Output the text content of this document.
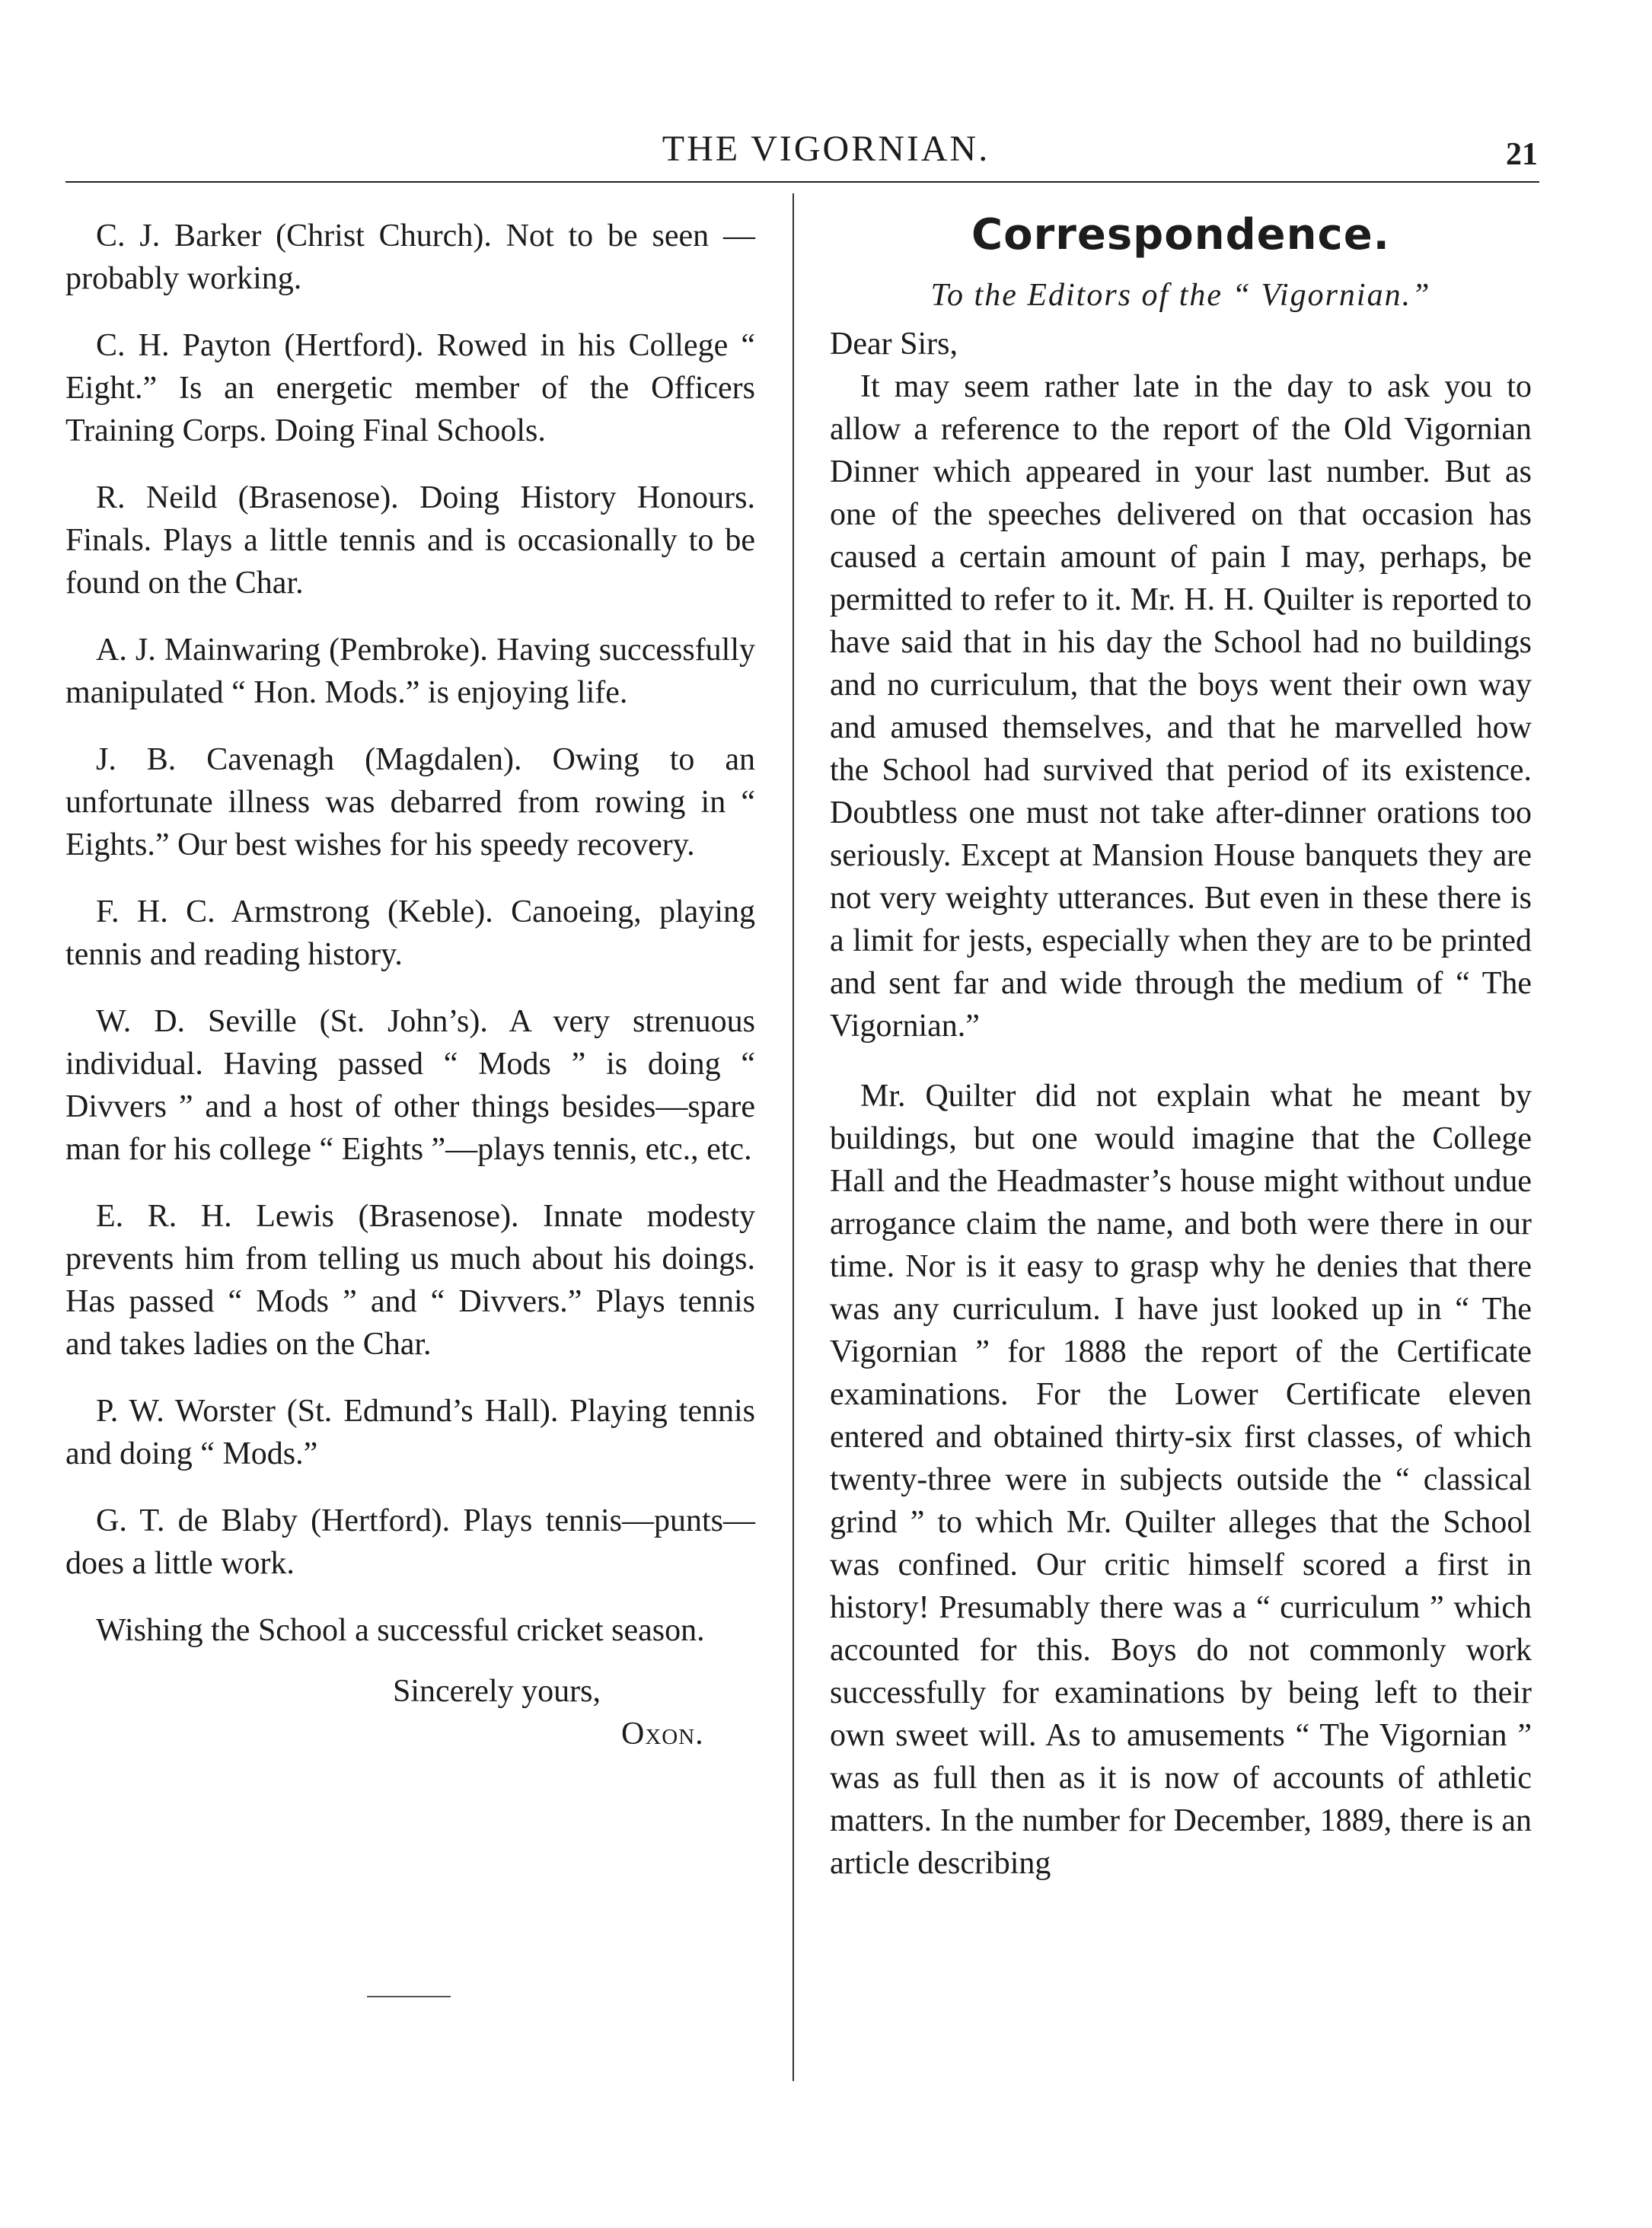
THE VIGORNIAN.	21

C. J. Barker (Christ Church). Not to be seen —probably working.

C. H. Payton (Hertford). Rowed in his College “ Eight.” Is an energetic member of the Officers Training Corps. Doing Final Schools.

R. Neild (Brasenose). Doing History Honours. Finals. Plays a little tennis and is occasionally to be found on the Char.

A. J. Mainwaring (Pembroke). Having successfully manipulated “ Hon. Mods.” is enjoying life.

J. B. Cavenagh (Magdalen). Owing to an unfortunate illness was debarred from rowing in “ Eights.” Our best wishes for his speedy recovery.

F. H. C. Armstrong (Keble). Canoeing, playing tennis and reading history.

W. D. Seville (St. John’s). A very strenuous individual. Having passed “ Mods ” is doing “ Divvers ” and a host of other things besides—spare man for his college “ Eights ”—plays tennis, etc., etc.

E. R. H. Lewis (Brasenose). Innate modesty prevents him from telling us much about his doings. Has passed “ Mods ” and “ Divvers.” Plays tennis and takes ladies on the Char.

P. W. Worster (St. Edmund’s Hall). Playing tennis and doing “ Mods.”

G. T. de Blaby (Hertford). Plays tennis—punts—does a little work.

Wishing the School a successful cricket season.

Sincerely yours,

Oxon.

Correspondence.

To the Editors of the “ Vigornian.”

Dear Sirs,

It may seem rather late in the day to ask you to allow a reference to the report of the Old Vigornian Dinner which appeared in your last number. But as one of the speeches delivered on that occasion has caused a certain amount of pain I may, perhaps, be permitted to refer to it. Mr. H. H. Quilter is reported to have said that in his day the School had no buildings and no curriculum, that the boys went their own way and amused themselves, and that he marvelled how the School had survived that period of its existence. Doubtless one must not take after-dinner orations too seriously. Except at Mansion House banquets they are not very weighty utterances. But even in these there is a limit for jests, especially when they are to be printed and sent far and wide through the medium of “ The Vigornian.”

Mr. Quilter did not explain what he meant by buildings, but one would imagine that the College Hall and the Headmaster’s house might without undue arrogance claim the name, and both were there in our time. Nor is it easy to grasp why he denies that there was any curriculum. I have just looked up in “ The Vigornian ” for 1888 the report of the Certificate examinations. For the Lower Certificate eleven entered and obtained thirty-six first classes, of which twenty-three were in subjects outside the “ classical grind ” to which Mr. Quilter alleges that the School was confined. Our critic himself scored a first in history! Presumably there was a “ curriculum ” which accounted for this. Boys do not commonly work successfully for examinations by being left to their own sweet will. As to amusements “ The Vigornian ” was as full then as it is now of accounts of athletic matters. In the number for December, 1889, there is an article describing
